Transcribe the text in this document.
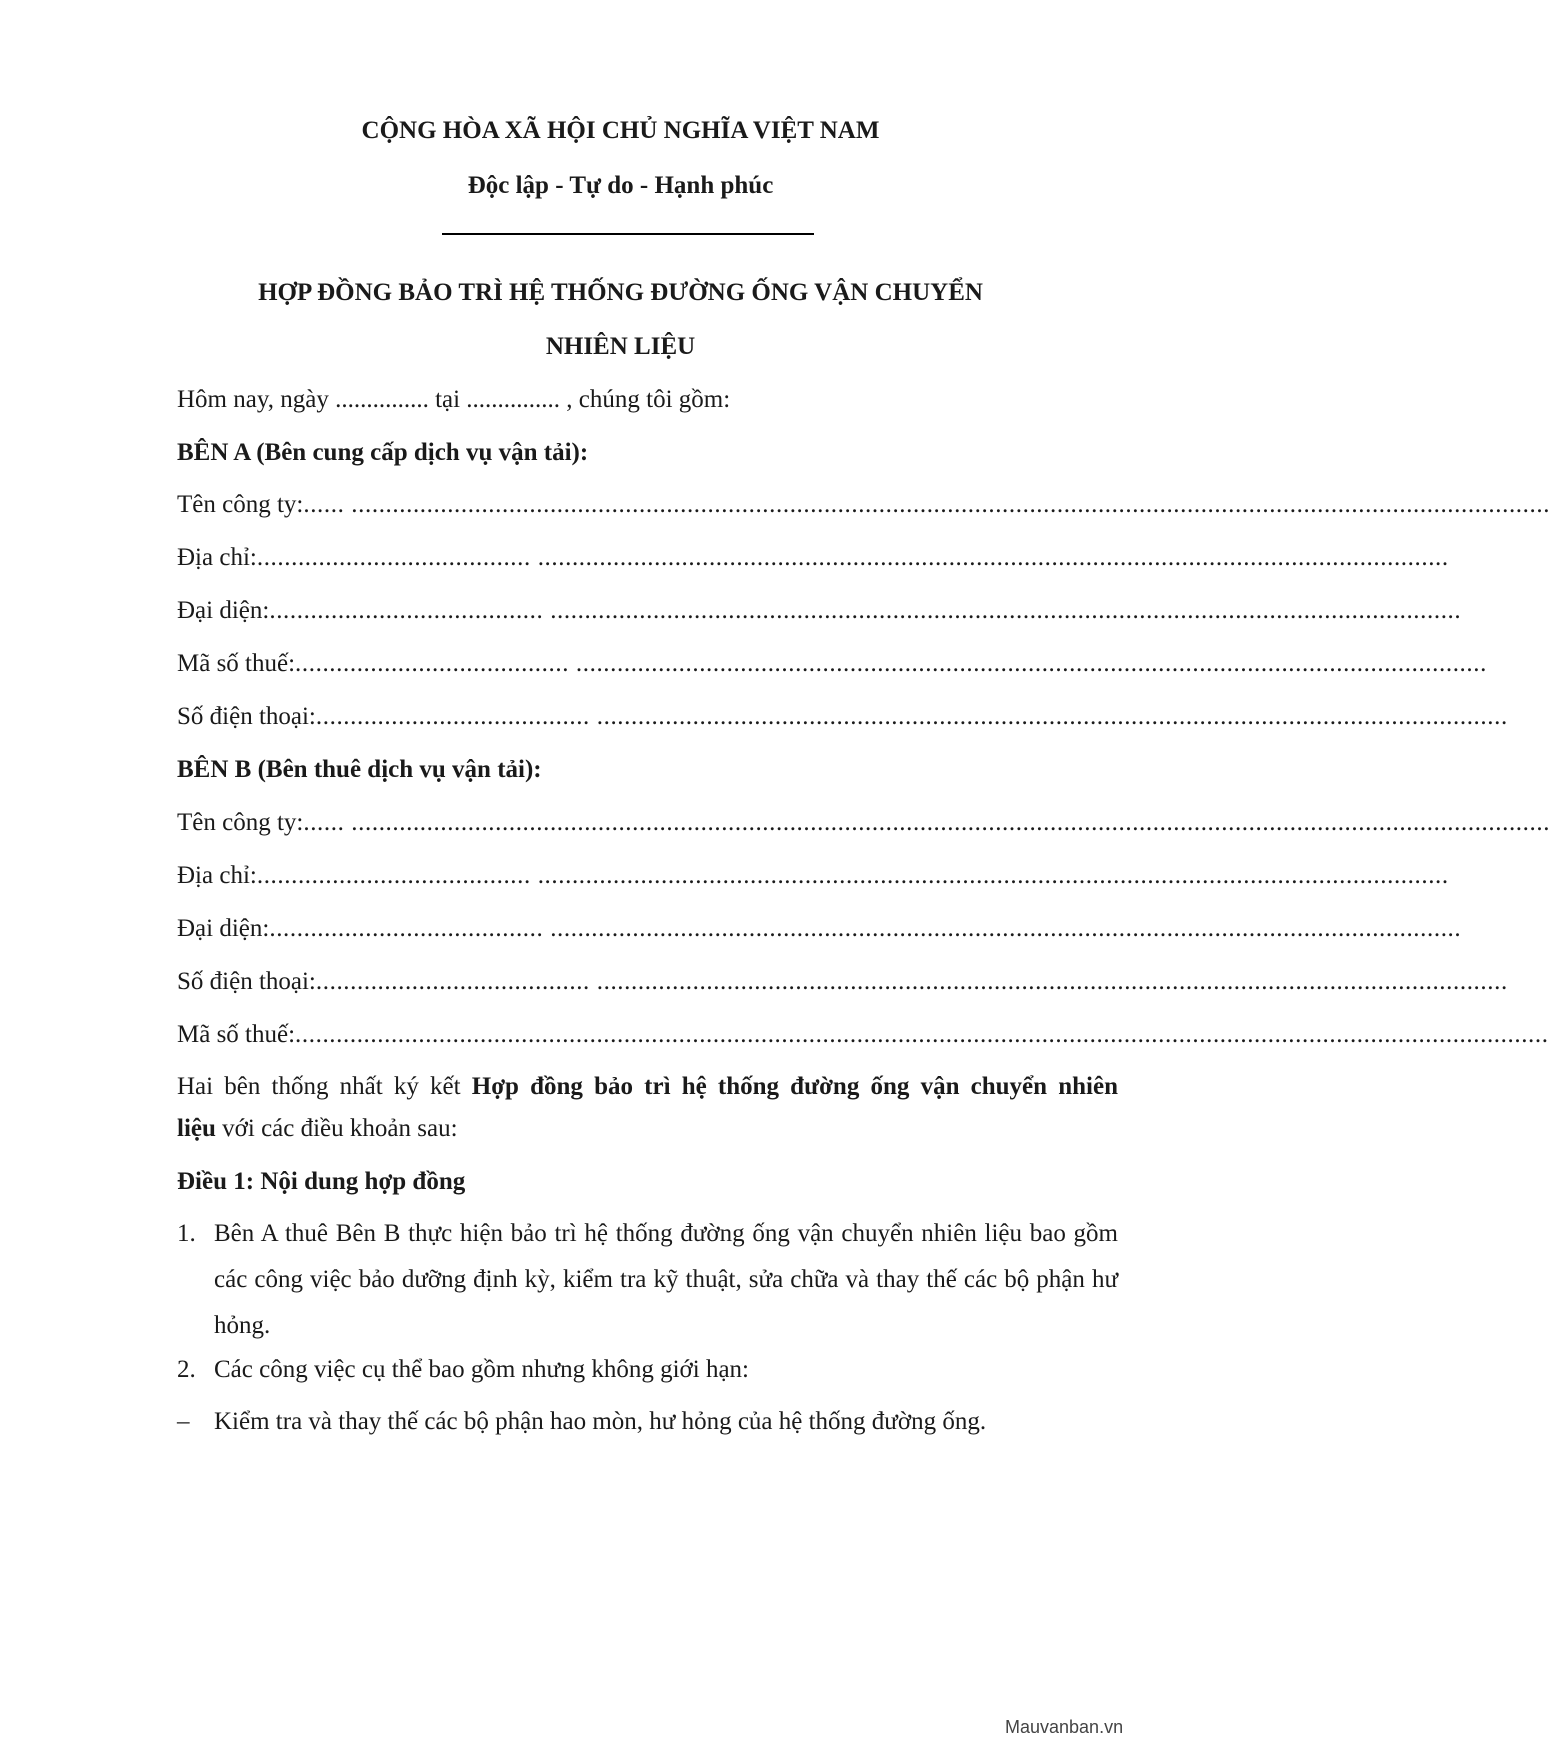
CỘNG HÒA XÃ HỘI CHỦ NGHĨA VIỆT NAM
Độc lập - Tự do - Hạnh phúc
HỢP ĐỒNG BẢO TRÌ HỆ THỐNG ĐƯỜNG ỐNG VẬN CHUYỂN
NHIÊN LIỆU
Hôm nay, ngày ............... tại ............... , chúng tôi gồm:
BÊN A (Bên cung cấp dịch vụ vận tải):
Tên công ty: ...... ...............................................................................................................................................................................
Địa chỉ: ........................................ .....................................................................................................................................
Đại diện: ........................................ .....................................................................................................................................
Mã số thuế: ........................................ .....................................................................................................................................
Số điện thoại: ........................................ .....................................................................................................................................
BÊN B (Bên thuê dịch vụ vận tải):
Tên công ty: ...... ...............................................................................................................................................................................
Địa chỉ: ........................................ .....................................................................................................................................
Đại diện: ........................................ .....................................................................................................................................
Số điện thoại: ........................................ .....................................................................................................................................
Mã số thuế: .......................................................................................................................................................................................
Hai bên thống nhất ký kết Hợp đồng bảo trì hệ thống đường ống vận chuyển nhiên
liệu với các điều khoản sau:
Điều 1: Nội dung hợp đồng
1. Bên A thuê Bên B thực hiện bảo trì hệ thống đường ống vận chuyển nhiên liệu bao gồm các công việc bảo dưỡng định kỳ, kiểm tra kỹ thuật, sửa chữa và thay thế các bộ phận hư hỏng.
2. Các công việc cụ thể bao gồm nhưng không giới hạn:
– Kiểm tra và thay thế các bộ phận hao mòn, hư hỏng của hệ thống đường ống.
Mauvanban.vn
